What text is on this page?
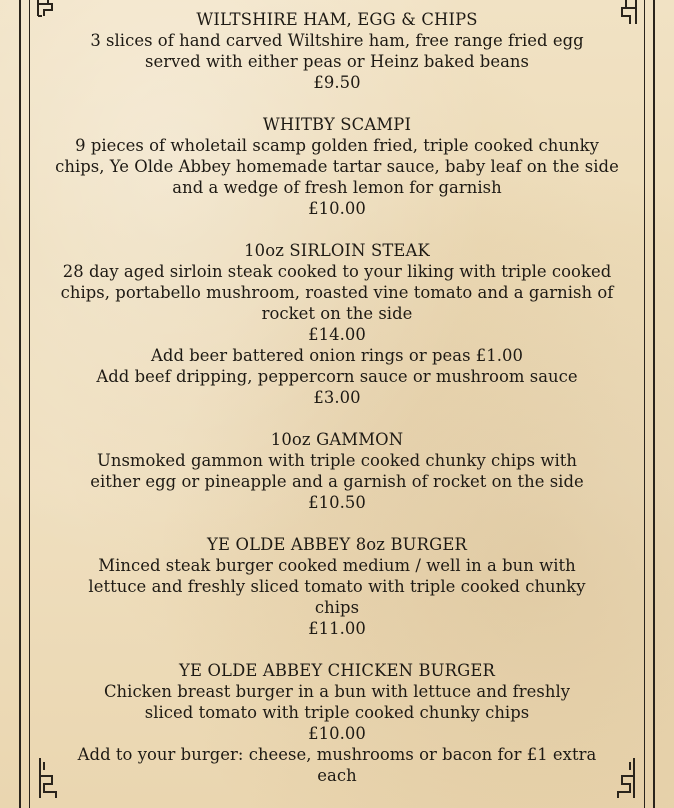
WILTSHIRE HAM, EGG & CHIPS
3 slices of hand carved Wiltshire ham, free range fried egg served with either peas or Heinz baked beans
£9.50
WHITBY SCAMPI
9 pieces of wholetail scamp golden fried, triple cooked chunky chips, Ye Olde Abbey homemade tartar sauce, baby leaf on the side and a wedge of fresh lemon for garnish
£10.00
10oz SIRLOIN STEAK
28 day aged sirloin steak cooked to your liking with triple cooked chips, portabello mushroom, roasted vine tomato and a garnish of rocket on the side
£14.00
Add beer battered onion rings or peas £1.00
Add beef dripping, peppercorn sauce or mushroom sauce
£3.00
10oz GAMMON
Unsmoked gammon with triple cooked chunky chips with either egg or pineapple and a garnish of rocket on the side
£10.50
YE OLDE ABBEY 8oz BURGER
Minced steak burger cooked medium / well in a bun with lettuce and freshly sliced tomato with triple cooked chunky chips
£11.00
YE OLDE ABBEY CHICKEN BURGER
Chicken breast burger in a bun with lettuce and freshly sliced tomato with triple cooked chunky chips
£10.00
Add to your burger: cheese, mushrooms or bacon for £1 extra each
